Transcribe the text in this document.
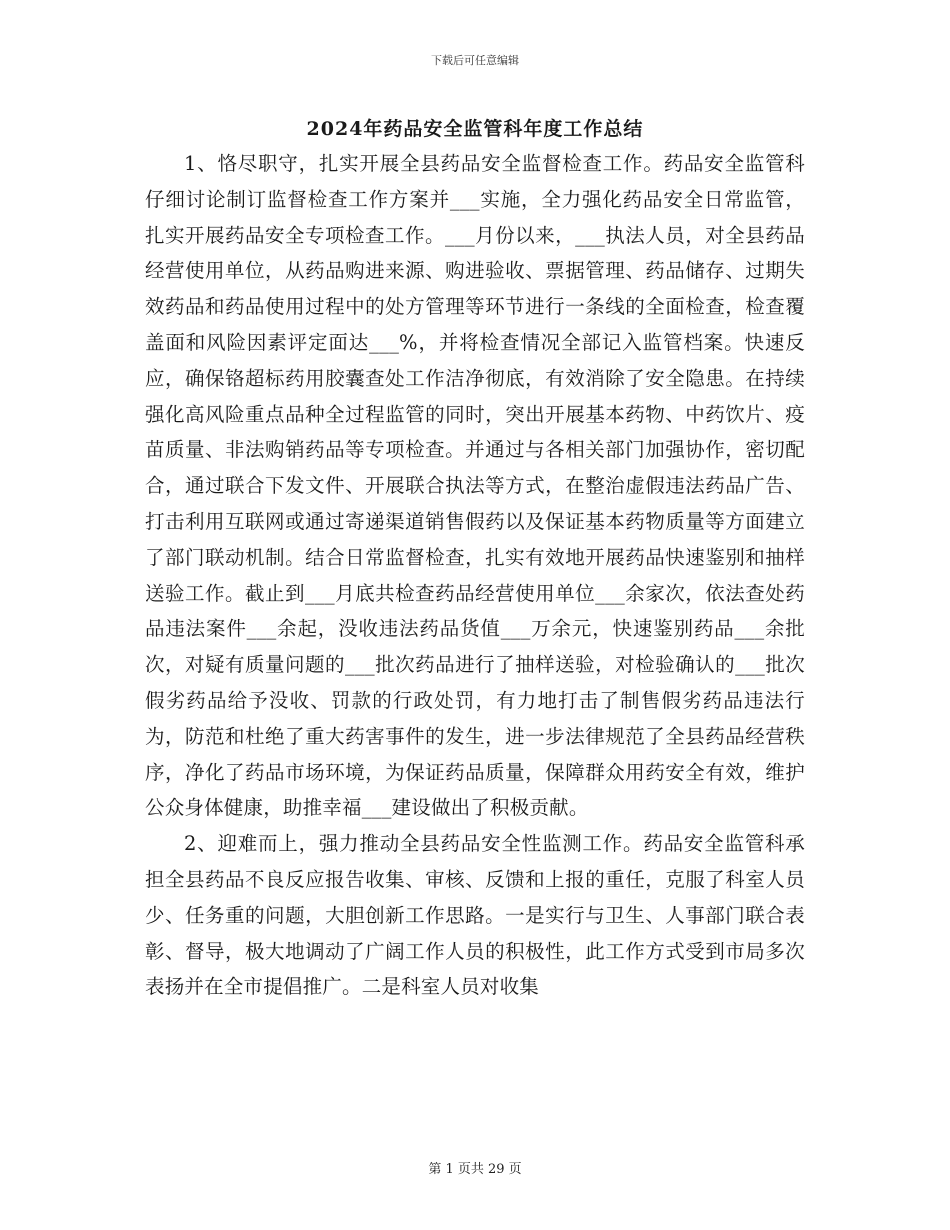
下载后可任意编辑
2024年药品安全监管科年度工作总结

1、恪尽职守，扎实开展全县药品安全监督检查工作。药品安全监管科仔细讨论制订监督检查工作方案并___实施，全力强化药品安全日常监管，扎实开展药品安全专项检查工作。___月份以来，___执法人员，对全县药品经营使用单位，从药品购进来源、购进验收、票据管理、药品储存、过期失效药品和药品使用过程中的处方管理等环节进行一条线的全面检查，检查覆盖面和风险因素评定面达___%，并将检查情况全部记入监管档案。快速反应，确保铬超标药用胶囊查处工作洁净彻底，有效消除了安全隐患。在持续强化高风险重点品种全过程监管的同时，突出开展基本药物、中药饮片、疫苗质量、非法购销药品等专项检查。并通过与各相关部门加强协作，密切配合，通过联合下发文件、开展联合执法等方式，在整治虚假违法药品广告、打击利用互联网或通过寄递渠道销售假药以及保证基本药物质量等方面建立了部门联动机制。结合日常监督检查，扎实有效地开展药品快速鉴别和抽样送验工作。截止到___月底共检查药品经营使用单位___余家次，依法查处药品违法案件___余起，没收违法药品货值___万余元，快速鉴别药品___余批次，对疑有质量问题的___批次药品进行了抽样送验，对检验确认的___批次假劣药品给予没收、罚款的行政处罚，有力地打击了制售假劣药品违法行为，防范和杜绝了重大药害事件的发生，进一步法律规范了全县药品经营秩序，净化了药品市场环境，为保证药品质量，保障群众用药安全有效，维护公众身体健康，助推幸福___建设做出了积极贡献。

2、迎难而上，强力推动全县药品安全性监测工作。药品安全监管科承担全县药品不良反应报告收集、审核、反馈和上报的重任，克服了科室人员少、任务重的问题，大胆创新工作思路。一是实行与卫生、人事部门联合表彰、督导，极大地调动了广阔工作人员的积极性，此工作方式受到市局多次表扬并在全市提倡推广。二是科室人员对收集

第 1 页共 29 页
